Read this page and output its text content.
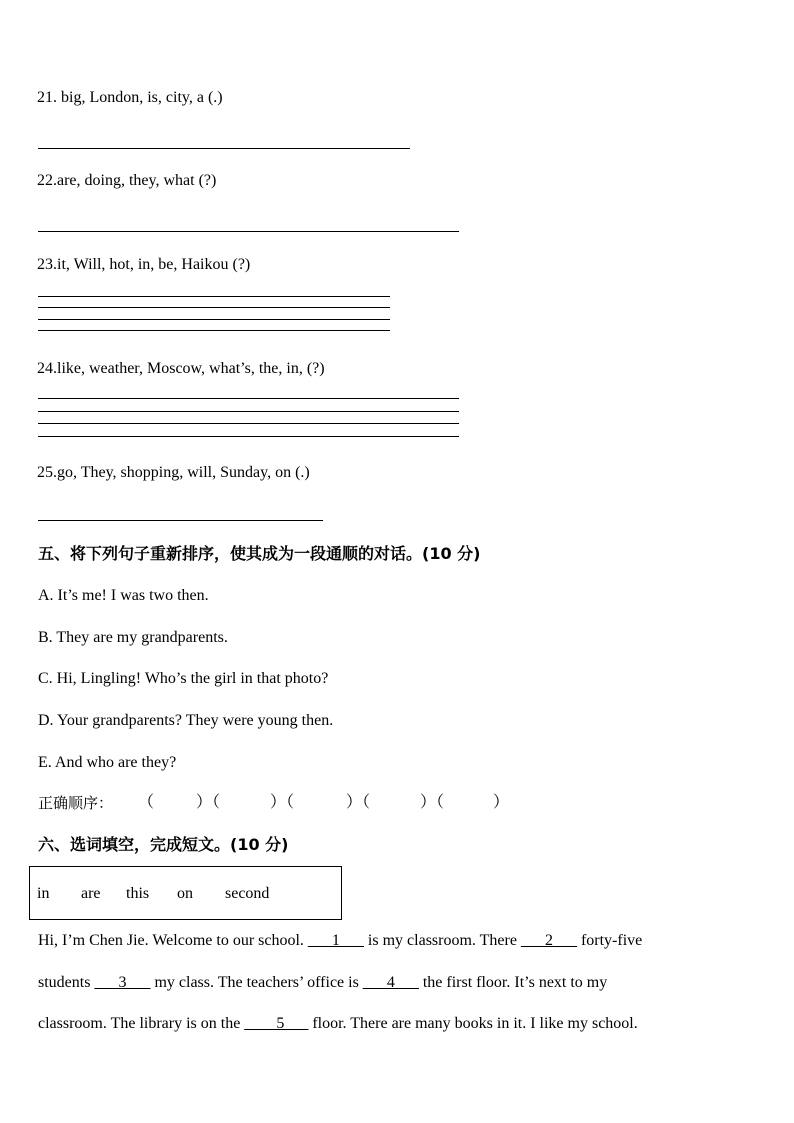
21. big, London, is, city, a (.)
22.are, doing, they, what (?)
23.it, Will, hot, in, be, Haikou (?)
24.like, weather, Moscow, what’s, the, in, (?)
25.go, They, shopping, will, Sunday, on (.)
五、将下列句子重新排序，使其成为一段通顺的对话。(10 分)
A. It’s me! I was two then.
B. They are my grandparents.
C. Hi, Lingling! Who’s the girl in that photo?
D. Your grandparents? They were young then.
E. And who are they?
正确顺序： （	）（	）（	）（	）（	）
六、选词填空，完成短文。(10 分)
in are this on second
Hi, I’m Chen Jie. Welcome to our school. ___1___ is my classroom. There ___2___ forty-five
students ___3___ my class. The teachers’ office is ___4___ the first floor. It’s next to my
classroom. The library is on the ____5___ floor. There are many books in it. I like my school.
